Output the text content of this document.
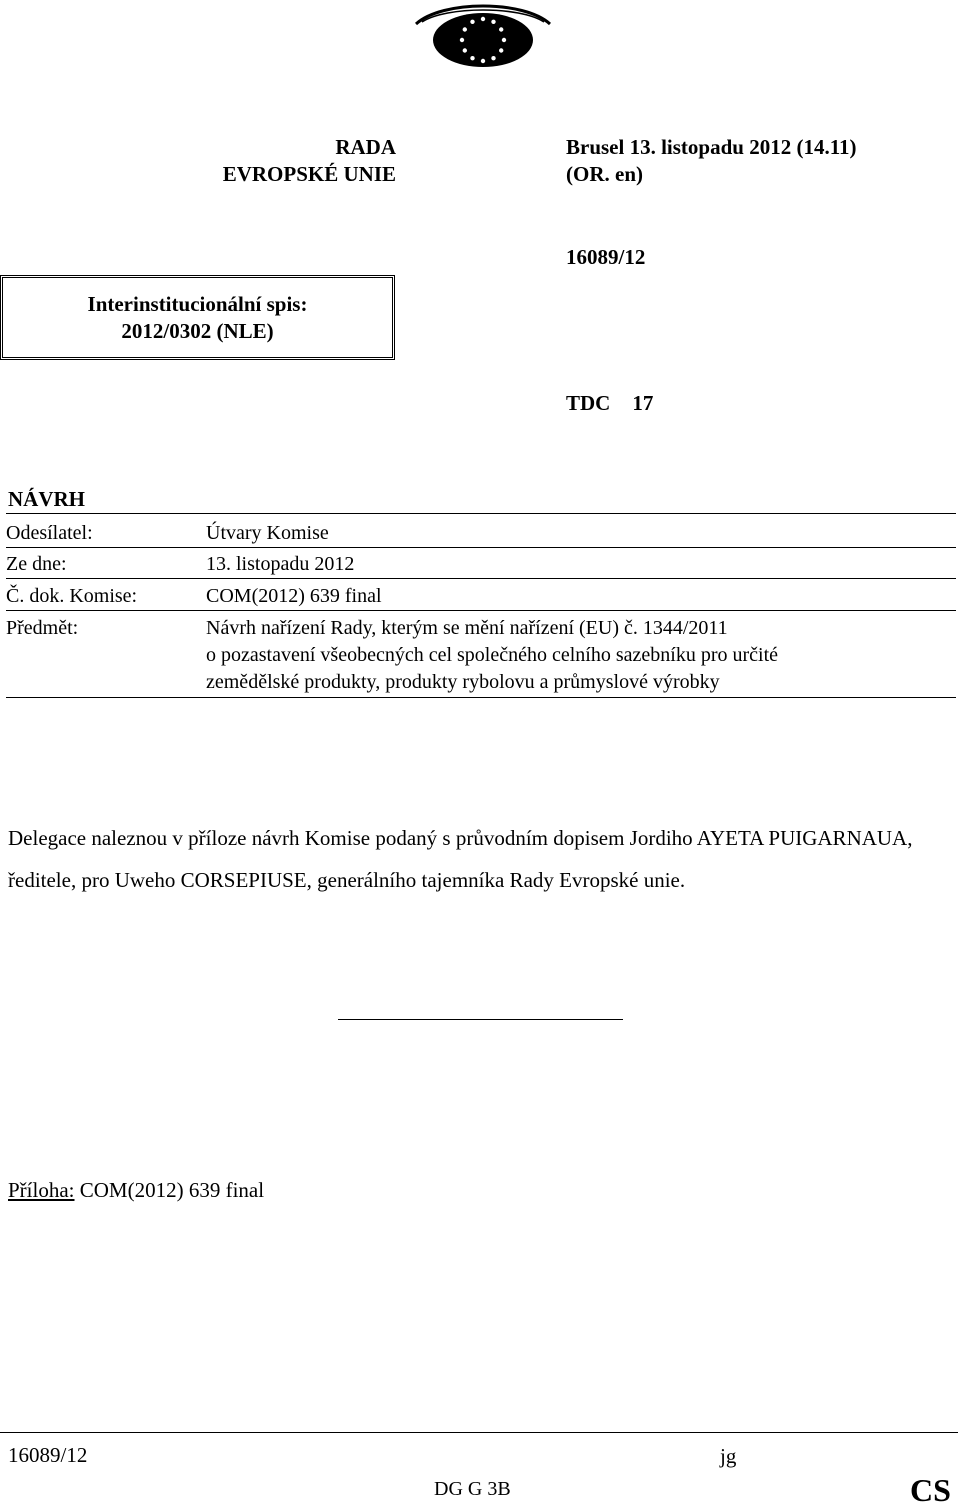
RADA
EVROPSKÉ UNIE
Brusel 13. listopadu 2012 (14.11)
(OR. en)
16089/12
Interinstitucionální spis:
2012/0302 (NLE)
TDC 17
NÁVRH
Odesílatel:	Útvary Komise
Ze dne:	13. listopadu 2012
Č. dok. Komise:	COM(2012) 639 final
Předmět:	Návrh nařízení Rady, kterým se mění nařízení (EU) č. 1344/2011
o pozastavení všeobecných cel společného celního sazebníku pro určité
zemědělské produkty, produkty rybolovu a průmyslové výrobky
Delegace naleznou v příloze návrh Komise podaný s průvodním dopisem Jordiho AYETA PUIGARNAUA, ředitele, pro Uweho CORSEPIUSE, generálního tajemníka Rady Evropské unie.
Příloha: COM(2012) 639 final
16089/12	jg
DG G 3B	CS
